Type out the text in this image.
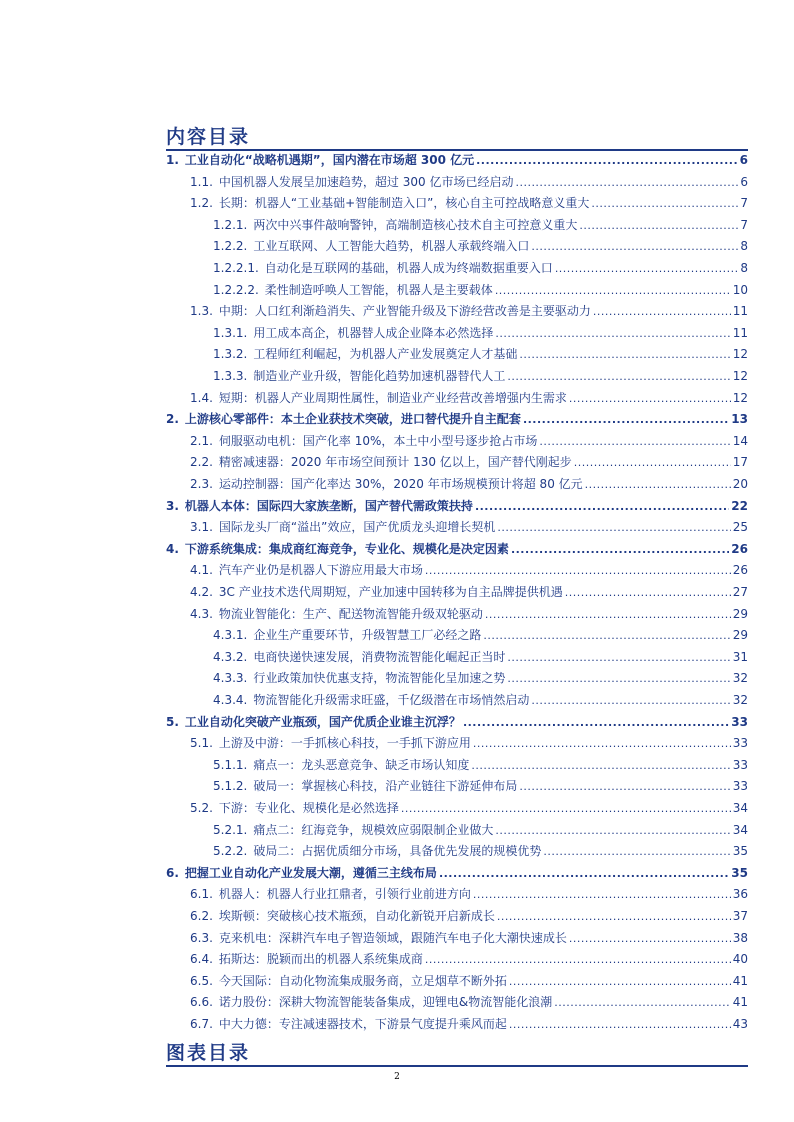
内容目录
1. 工业自动化“战略机遇期”，国内潜在市场超 300 亿元 .....	6
1.1. 中国机器人发展呈加速趋势，超过 300 亿市场已经启动 .....	6
1.2. 长期：机器人“工业基础+智能制造入口”，核心自主可控战略意义重大 .....	7
1.2.1. 两次中兴事件敲响警钟，高端制造核心技术自主可控意义重大 .....	7
1.2.2. 工业互联网、人工智能大趋势，机器人承载终端入口 .....	8
1.2.2.1. 自动化是互联网的基础，机器人成为终端数据重要入口 .....	8
1.2.2.2. 柔性制造呼唤人工智能，机器人是主要载体 .....	10
1.3. 中期：人口红利渐趋消失、产业智能升级及下游经营改善是主要驱动力 .....	11
1.3.1. 用工成本高企，机器替人成企业降本必然选择 .....	11
1.3.2. 工程师红利崛起，为机器人产业发展奠定人才基础 .....	12
1.3.3. 制造业产业升级，智能化趋势加速机器替代人工 .....	12
1.4. 短期：机器人产业周期性属性，制造业产业经营改善增强内生需求 .....	12
2. 上游核心零部件：本土企业获技术突破，进口替代提升自主配套 .....	13
2.1. 伺服驱动电机：国产化率 10%，本土中小型号逐步抢占市场 .....	14
2.2. 精密减速器：2020 年市场空间预计 130 亿以上，国产替代刚起步 .....	17
2.3. 运动控制器：国产化率达 30%，2020 年市场规模预计将超 80 亿元 .....	20
3. 机器人本体：国际四大家族垄断，国产替代需政策扶持 .....	22
3.1. 国际龙头厂商“溢出”效应，国产优质龙头迎增长契机 .....	25
4. 下游系统集成：集成商红海竞争，专业化、规模化是决定因素 .....	26
4.1. 汽车产业仍是机器人下游应用最大市场 .....	26
4.2. 3C 产业技术迭代周期短，产业加速中国转移为自主品牌提供机遇 .....	27
4.3. 物流业智能化：生产、配送物流智能升级双轮驱动 .....	29
4.3.1. 企业生产重要环节，升级智慧工厂必经之路 .....	29
4.3.2. 电商快递快速发展，消费物流智能化崛起正当时 .....	31
4.3.3. 行业政策加快优惠支持，物流智能化呈加速之势 .....	32
4.3.4. 物流智能化升级需求旺盛，千亿级潜在市场悄然启动 .....	32
5. 工业自动化突破产业瓶颈，国产优质企业谁主沉浮？ .....	33
5.1. 上游及中游：一手抓核心科技，一手抓下游应用 .....	33
5.1.1. 痛点一：龙头恶意竞争、缺乏市场认知度 .....	33
5.1.2. 破局一：掌握核心科技，沿产业链往下游延伸布局 .....	33
5.2. 下游：专业化、规模化是必然选择 .....	34
5.2.1. 痛点二：红海竞争，规模效应弱限制企业做大 .....	34
5.2.2. 破局二：占据优质细分市场，具备优先发展的规模优势 .....	35
6. 把握工业自动化产业发展大潮，遵循三主线布局 .....	35
6.1. 机器人：机器人行业扛鼎者，引领行业前进方向 .....	36
6.2. 埃斯顿：突破核心技术瓶颈，自动化新锐开启新成长 .....	37
6.3. 克来机电：深耕汽车电子智造领域，跟随汽车电子化大潮快速成长 .....	38
6.4. 拓斯达：脱颖而出的机器人系统集成商 .....	40
6.5. 今天国际：自动化物流集成服务商，立足烟草不断外拓 .....	41
6.6. 诺力股份：深耕大物流智能装备集成，迎锂电&物流智能化浪潮 .....	41
6.7. 中大力德：专注减速器技术，下游景气度提升乘风而起 .....	43
图表目录
2
